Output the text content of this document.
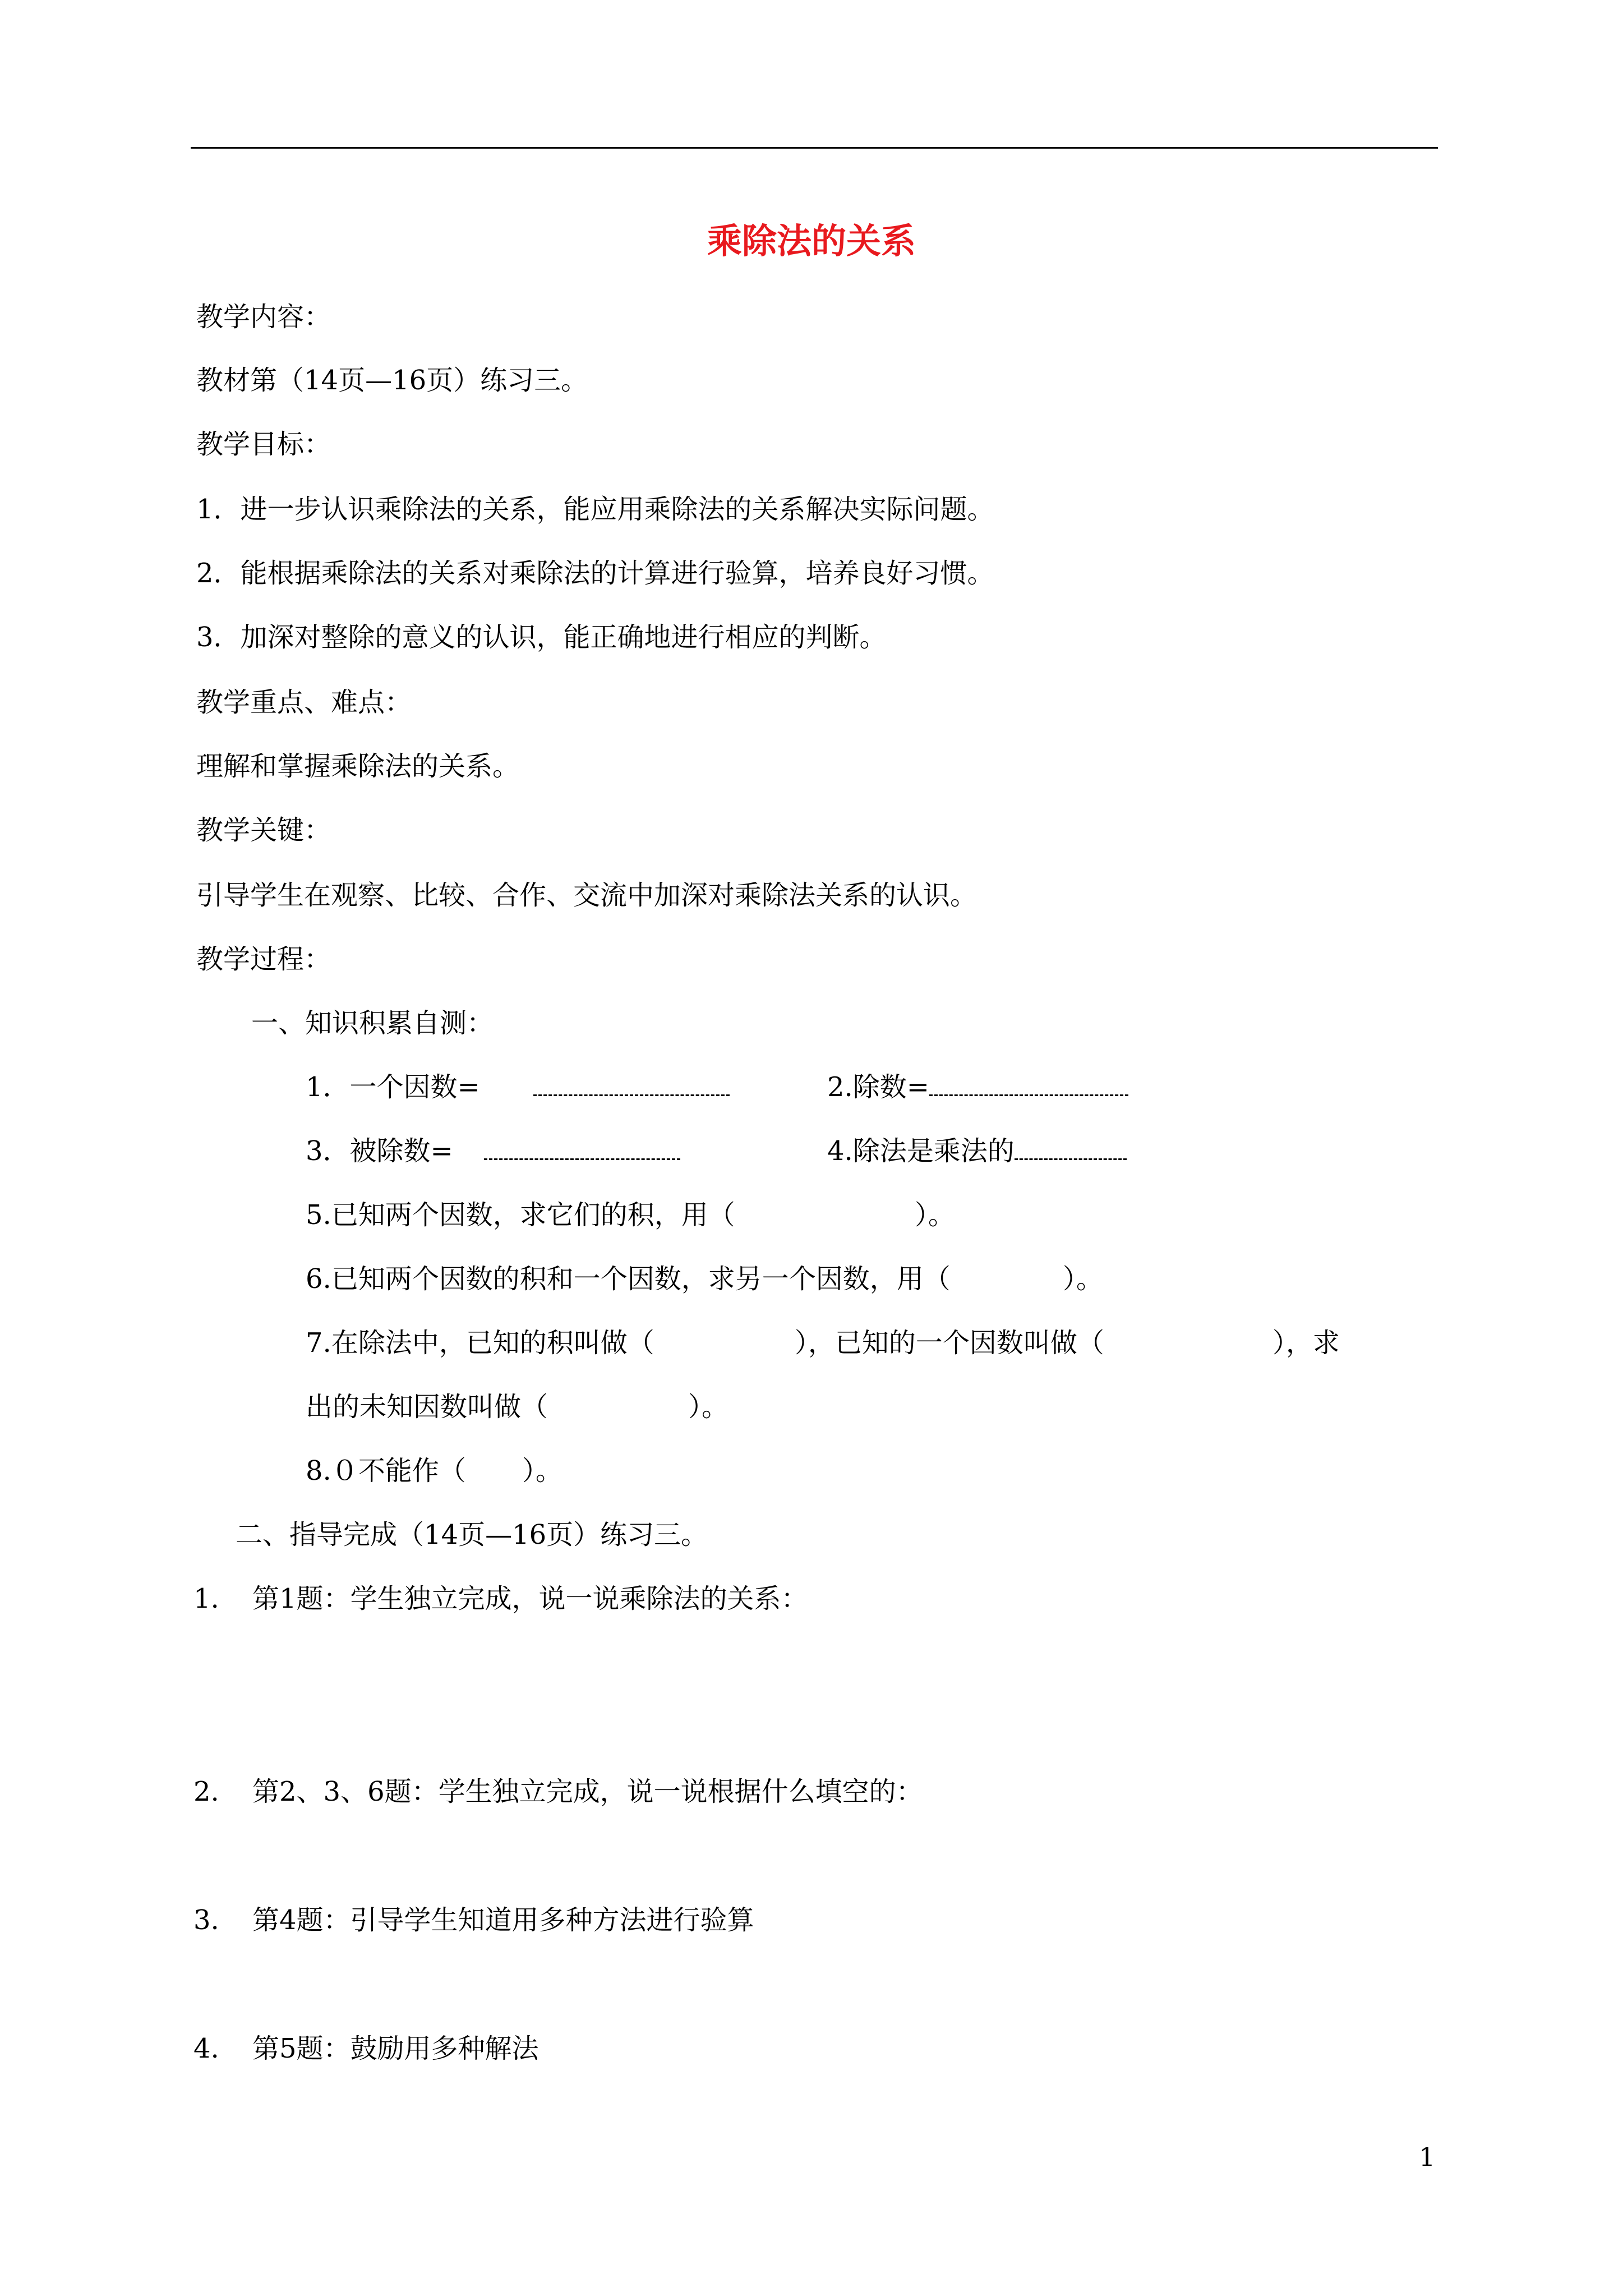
乘除法的关系
教学内容：
教材第（14页—16页）练习三。
教学目标：
1．进一步认识乘除法的关系，能应用乘除法的关系解决实际问题。
2．能根据乘除法的关系对乘除法的计算进行验算，培养良好习惯。
3．加深对整除的意义的认识，能正确地进行相应的判断。
教学重点、难点：
理解和掌握乘除法的关系。
教学关键：
引导学生在观察、比较、合作、交流中加深对乘除法关系的认识。
教学过程：
一、知识积累自测：
1．一个因数=	2.除数=
3．被除数=	4.除法是乘法的
5.已知两个因数，求它们的积，用（	）。
6.已知两个因数的积和一个因数，求另一个因数，用（	）。
7.在除法中，已知的积叫做（	），已知的一个因数叫做（	），求
出的未知因数叫做（	）。
8.０不能作（ ）。
二、指导完成（14页—16页）练习三。
1. 第1题：学生独立完成，说一说乘除法的关系：
2. 第2、3、6题：学生独立完成，说一说根据什么填空的：
3. 第4题：引导学生知道用多种方法进行验算
4. 第5题：鼓励用多种解法
1
